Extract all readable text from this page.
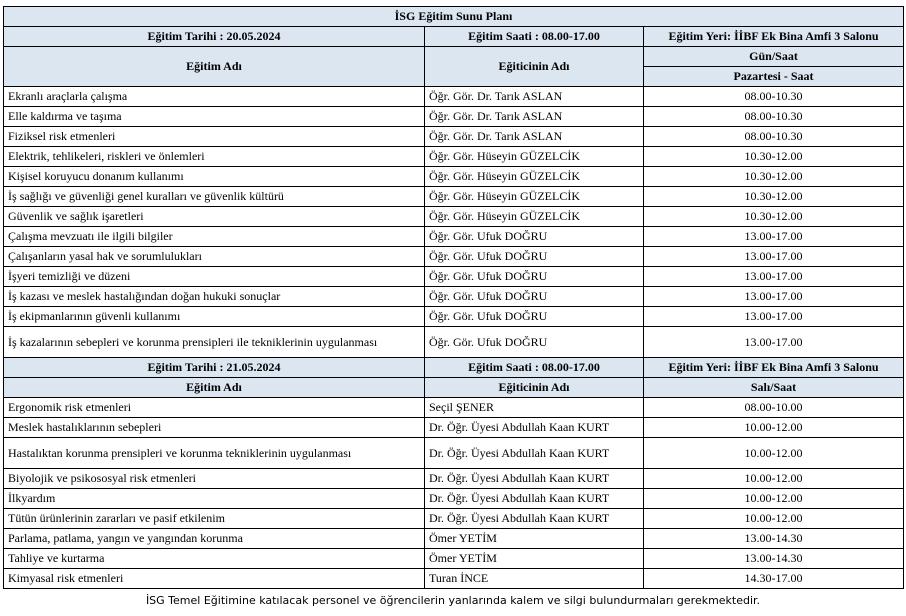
İSG Eğitim Sunu Planı		
Eğitim Tarihi : 20.05.2024	Eğitim Saati : 08.00-17.00	Eğitim Yeri: İİBF Ek Bina Amfi 3 Salonu
Eğitim Adı	Eğiticinin Adı	Gün/Saat
		Pazartesi - Saat
Ekranlı araçlarla çalışma	Öğr. Gör. Dr. Tarık ASLAN	08.00-10.30
Elle kaldırma ve taşıma	Öğr. Gör. Dr. Tarık ASLAN	08.00-10.30
Fiziksel risk etmenleri	Öğr. Gör. Dr. Tarık ASLAN	08.00-10.30
Elektrik, tehlikeleri, riskleri ve önlemleri	Öğr. Gör. Hüseyin GÜZELCİK	10.30-12.00
Kişisel koruyucu donanım kullanımı	Öğr. Gör. Hüseyin GÜZELCİK	10.30-12.00
İş sağlığı ve güvenliği genel kuralları ve güvenlik kültürü	Öğr. Gör. Hüseyin GÜZELCİK	10.30-12.00
Güvenlik ve sağlık işaretleri	Öğr. Gör. Hüseyin GÜZELCİK	10.30-12.00
Çalışma mevzuatı ile ilgili bilgiler	Öğr. Gör. Ufuk DOĞRU	13.00-17.00
Çalışanların yasal hak ve sorumlulukları	Öğr. Gör. Ufuk DOĞRU	13.00-17.00
İşyeri temizliği ve düzeni	Öğr. Gör. Ufuk DOĞRU	13.00-17.00
İş kazası ve meslek hastalığından doğan hukuki sonuçlar	Öğr. Gör. Ufuk DOĞRU	13.00-17.00
İş ekipmanlarının güvenli kullanımı	Öğr. Gör. Ufuk DOĞRU	13.00-17.00
İş kazalarının sebepleri ve korunma prensipleri ile tekniklerinin uygulanması	Öğr. Gör. Ufuk DOĞRU	13.00-17.00
Eğitim Tarihi : 21.05.2024	Eğitim Saati : 08.00-17.00	Eğitim Yeri: İİBF Ek Bina Amfi 3 Salonu
Eğitim Adı	Eğiticinin Adı	Salı/Saat
Ergonomik risk etmenleri	Seçil ŞENER	08.00-10.00
Meslek hastalıklarının sebepleri	Dr. Öğr. Üyesi Abdullah Kaan KURT	10.00-12.00
Hastalıktan korunma prensipleri ve korunma tekniklerinin uygulanması	Dr. Öğr. Üyesi Abdullah Kaan KURT	10.00-12.00
Biyolojik ve psikososyal risk etmenleri	Dr. Öğr. Üyesi Abdullah Kaan KURT	10.00-12.00
İlkyardım	Dr. Öğr. Üyesi Abdullah Kaan KURT	10.00-12.00
Tütün ürünlerinin zararları ve pasif etkilenim	Dr. Öğr. Üyesi Abdullah Kaan KURT	10.00-12.00
Parlama, patlama, yangın ve yangından korunma	Ömer YETİM	13.00-14.30
Tahliye ve kurtarma	Ömer YETİM	13.00-14.30
Kimyasal risk etmenleri	Turan İNCE	14.30-17.00
İSG Temel Eğitimine katılacak personel ve öğrencilerin yanlarında kalem ve silgi bulundurmaları gerekmektedir.
